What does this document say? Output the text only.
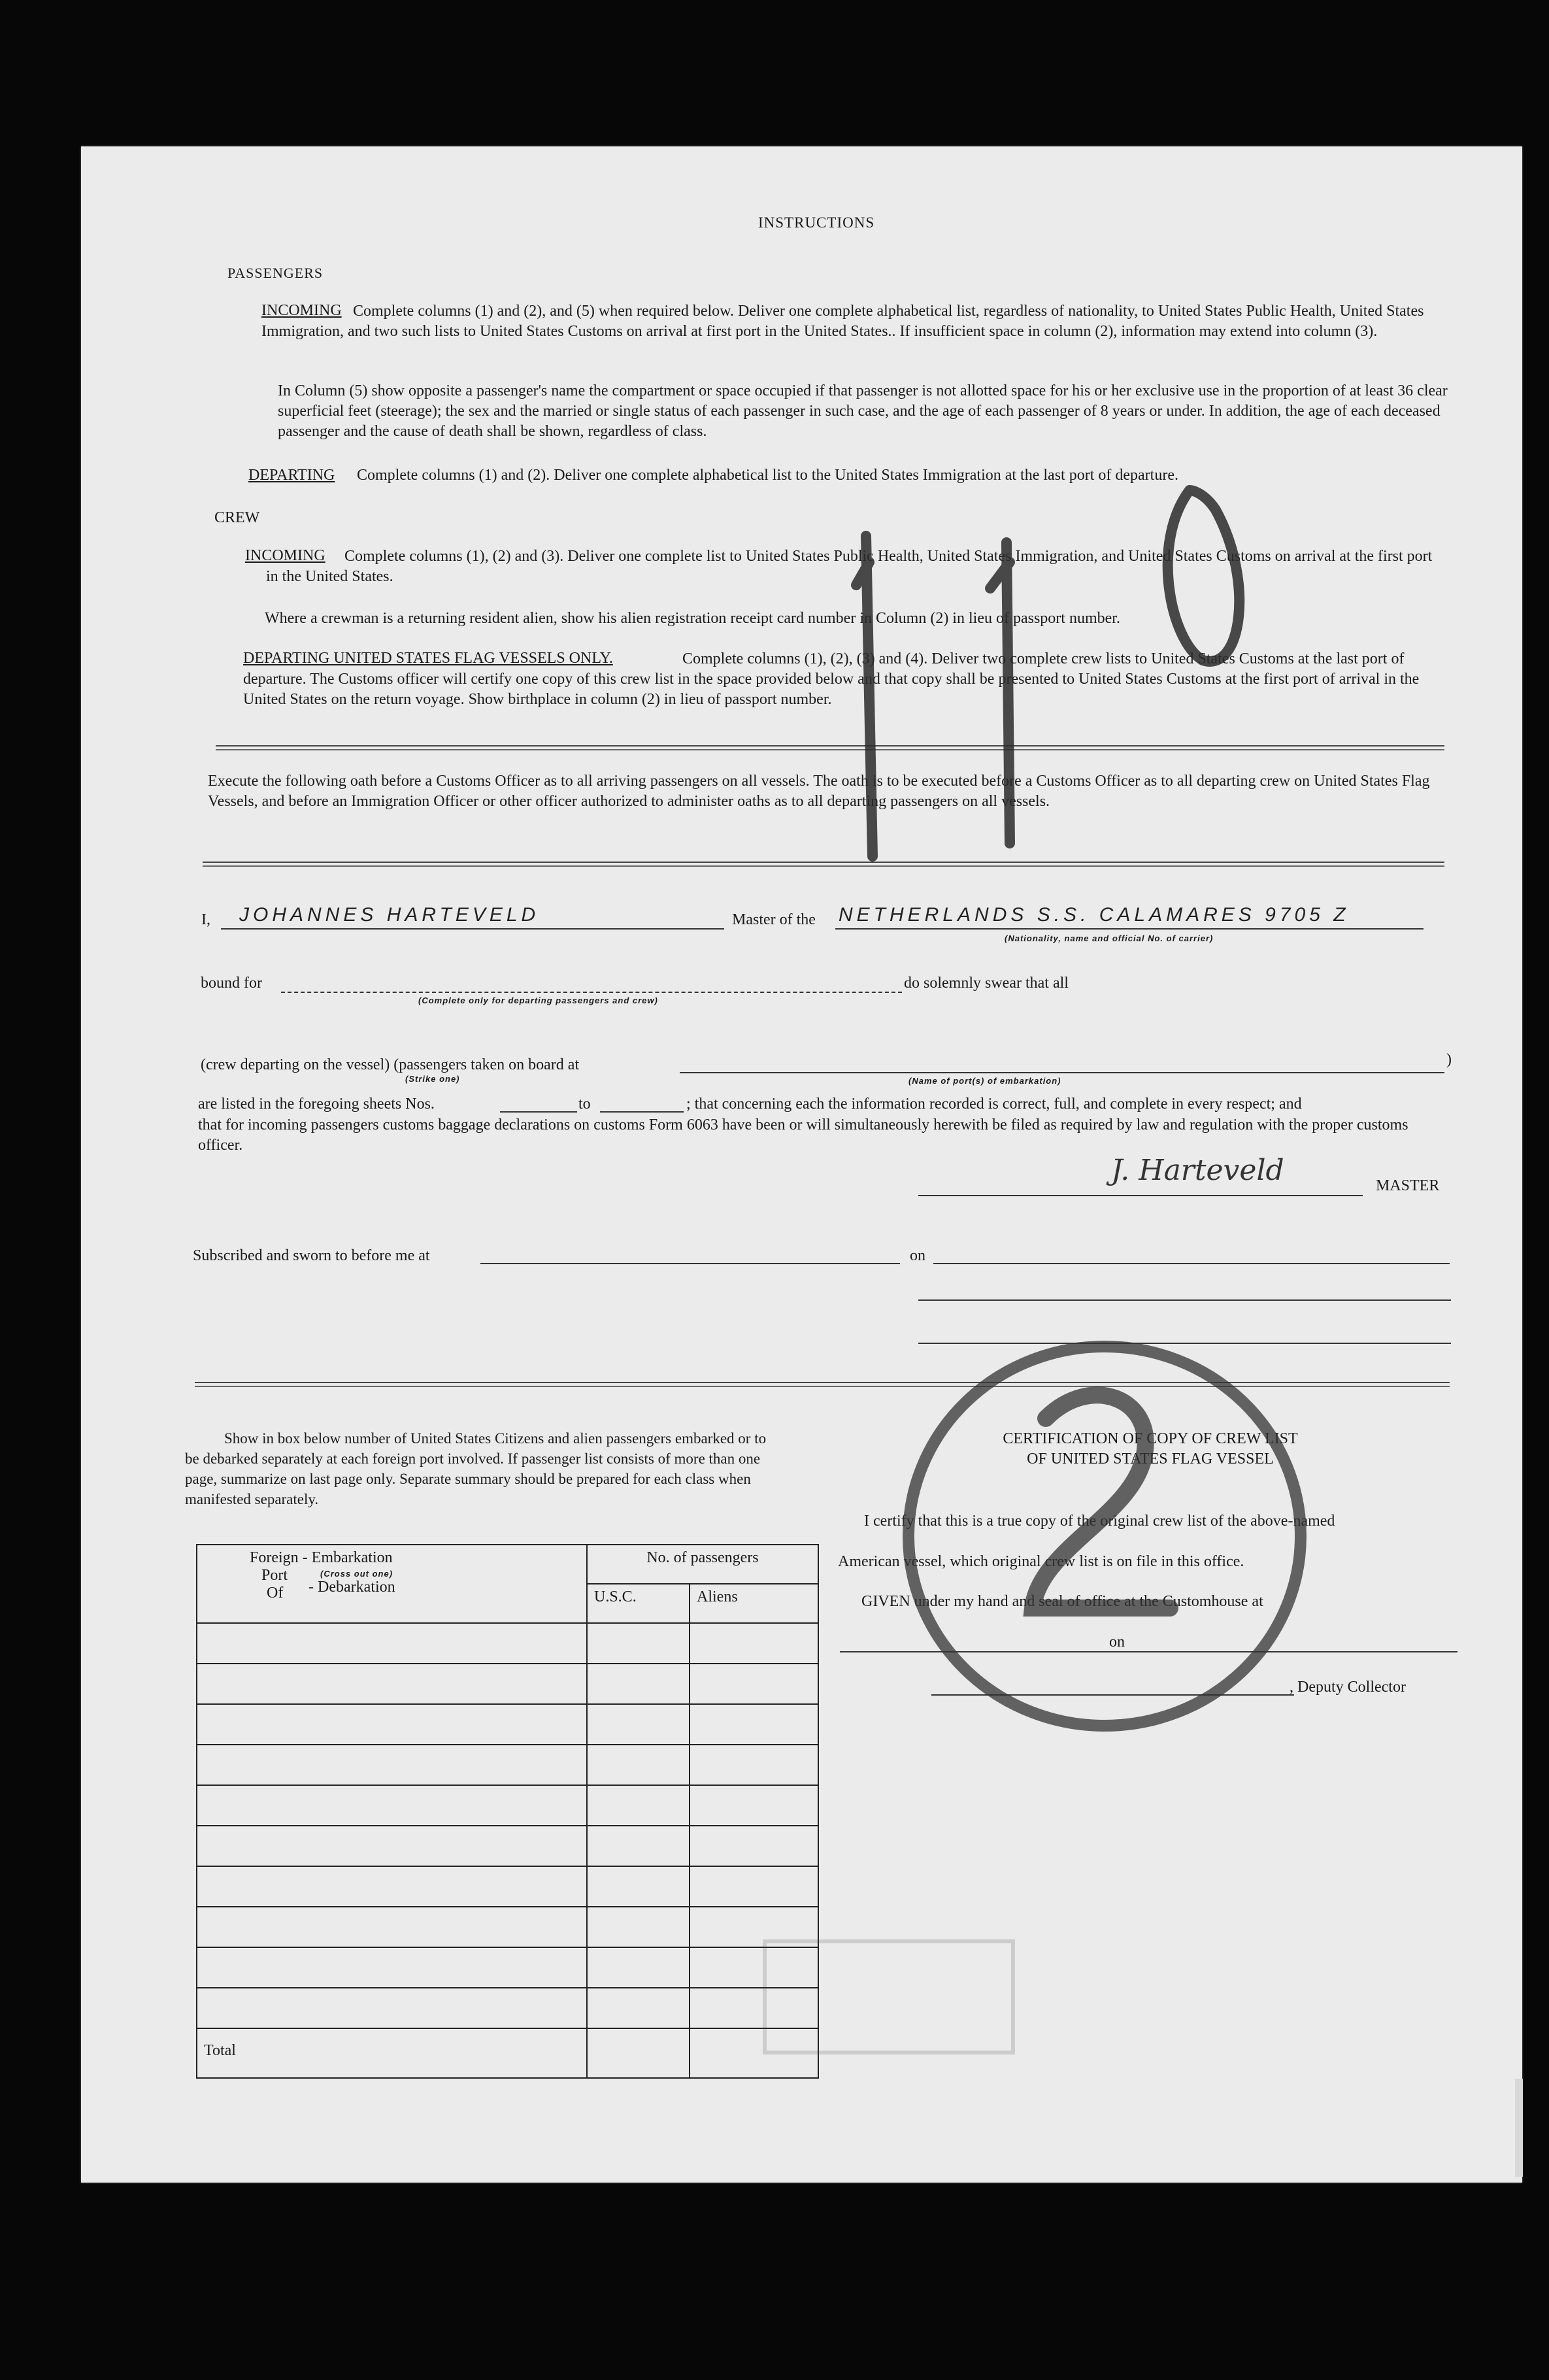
INSTRUCTIONS
PASSENGERS
INCOMING Complete columns (1) and (2), and (5) when required below. Deliver one complete alphabetical list, regardless of nationality, to United States Public Health, United States Immigration, and two such lists to United States Customs on arrival at first port in the United States.. If insufficient space in column (2), information may extend into column (3).
In Column (5) show opposite a passenger's name the compartment or space occupied if that passenger is not allotted space for his or her exclusive use in the proportion of at least 36 clear superficial feet (steerage); the sex and the married or single status of each passenger in such case, and the age of each passenger of 8 years or under. In addition, the age of each deceased passenger and the cause of death shall be shown, regardless of class.
DEPARTING Complete columns (1) and (2). Deliver one complete alphabetical list to the United States Immigration at the last port of departure.
CREW
INCOMING	Complete columns (1), (2) and (3). Deliver one complete list to United States Public Health, United States Immigration, and United States Customs on arrival at the first port in the United States.
Where a crewman is a returning resident alien, show his alien registration receipt card number in Column (2) in lieu of passport number.
DEPARTING UNITED STATES FLAG VESSELS ONLY.	Complete columns (1), (2), (3) and (4). Deliver two complete crew lists to United States Customs at the last port of departure. The Customs officer will certify one copy of this crew list in the space provided below and that copy shall be presented to United States Customs at the first port of arrival in the United States on the return voyage. Show birthplace in column (2) in lieu of passport number.
Execute the following oath before a Customs Officer as to all arriving passengers on all vessels. The oath is to be executed before a Customs Officer as to all departing crew on United States Flag Vessels, and before an Immigration Officer or other officer authorized to administer oaths as to all departing passengers on all vessels.
I, JOHANNES HARTEVELD	Master of the NETHERLANDS S.S. CALAMARES 9705 Z
(Nationality, name and official No. of carrier)
bound for
(Complete only for departing passengers and crew)
do solemnly swear that all
(crew departing on the vessel) (passengers taken on board at
(Strike one)	(Name of port(s) of embarkation)
)
are listed in the foregoing sheets Nos.	to	; that concerning each the information recorded is correct, full, and complete in every respect; and
that for incoming passengers customs baggage declarations on customs Form 6063 have been or will simultaneously herewith be filed as required by law and regulation with the proper customs officer.
J. Harteveld	MASTER
Subscribed and sworn to before me at	on
Show in box below number of United States Citizens and alien passengers embarked or to be debarked separately at each foreign port involved. If passenger list consists of more than one page, summarize on last page only. Separate summary should be prepared for each class when manifested separately.
Foreign - Embarkation
Port
Of
(Cross out one)
- Debarkation	No. of passengers	
	U.S.C.	Aliens

Total		
CERTIFICATION OF COPY OF CREW LIST
OF UNITED STATES FLAG VESSEL
I certify that this is a true copy of the original crew list of the above-named
American vessel, which original crew list is on file in this office.
GIVEN under my hand and seal of office at the Customhouse at
on
, Deputy Collector
